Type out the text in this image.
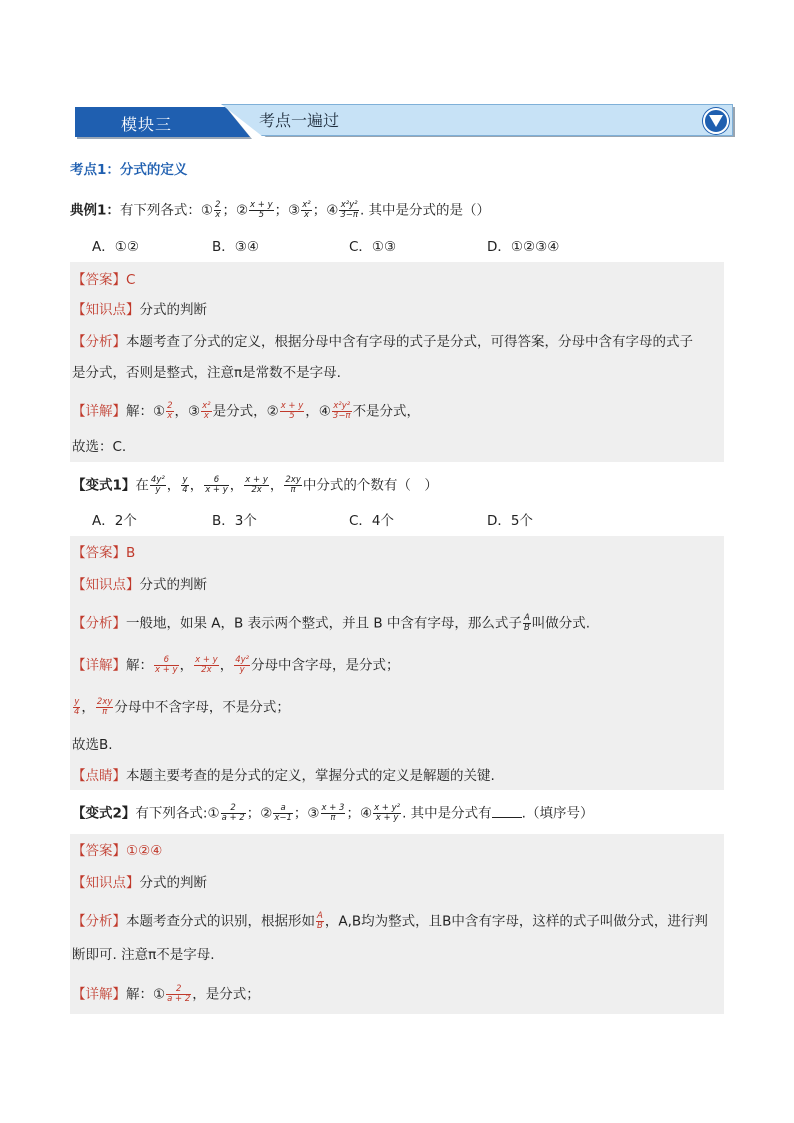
模块三	考点一遍过
考点1：分式的定义
典例1：有下列各式：① $\frac{2}{x}$ ；② $\frac{x + y}{5}$ ；③ $\frac{\text{x²}}{x}$ ；④ $\frac{\text{x²y²}}{3-\pi}$ . 其中是分式的是（）
A．①②	B．③④	C．①③	D．①②③④
【答案】C
【知识点】分式的判断
【分析】本题考查了分式的定义，根据分母中含有字母的式子是分式，可得答案，分母中含有字母的式子
是分式，否则是整式，注意π是常数不是字母.
【详解】解：① $\frac{2}{x}$ ，③ $\frac{\text{x²}}{x}$ 是分式，② $\frac{x + y}{5}$ ，④ $\frac{\text{x²y²}}{3-\pi}$ 不是分式，
故选：C.
【变式1】在 $\frac{\text{4y²}}{y}$ ， $\frac{y}{4}$ ， $\frac{6}{x + y}$ ， $\frac{x + y}{2x}$ ， $\frac{2xy}{\pi}$ 中分式的个数有（　）
A．2个	B．3个	C．4个	D．5个
【答案】B
【知识点】分式的判断
【分析】一般地，如果 A，B 表示两个整式，并且 B 中含有字母，那么式子 $\frac{A}{B}$ 叫做分式.
【详解】解： $\frac{6}{x + y}$ ， $\frac{x + y}{2x}$ ， $\frac{\text{4y²}}{y}$ 分母中含字母，是分式；
$\frac{y}{4}$ ， $\frac{2xy}{\pi}$ 分母中不含字母，不是分式；
故选B.
【点睛】本题主要考查的是分式的定义，掌握分式的定义是解题的关键.
【变式2】有下列各式:① $\frac{2}{a + 2}$ ；② $\frac{a}{x-1}$ ；③ $\frac{x + 3}{\pi}$ ；④ $\frac{\text{x + y²}}{x + y}$ . 其中是分式有 .（填序号）
【答案】①②④
【知识点】分式的判断
【分析】本题考查分式的识别，根据形如 $\frac{A}{B}$ ，A,B均为整式，且B中含有字母，这样的式子叫做分式，进行判
断即可. 注意π不是字母.
【详解】解：① $\frac{2}{a + 2}$ ，是分式；
